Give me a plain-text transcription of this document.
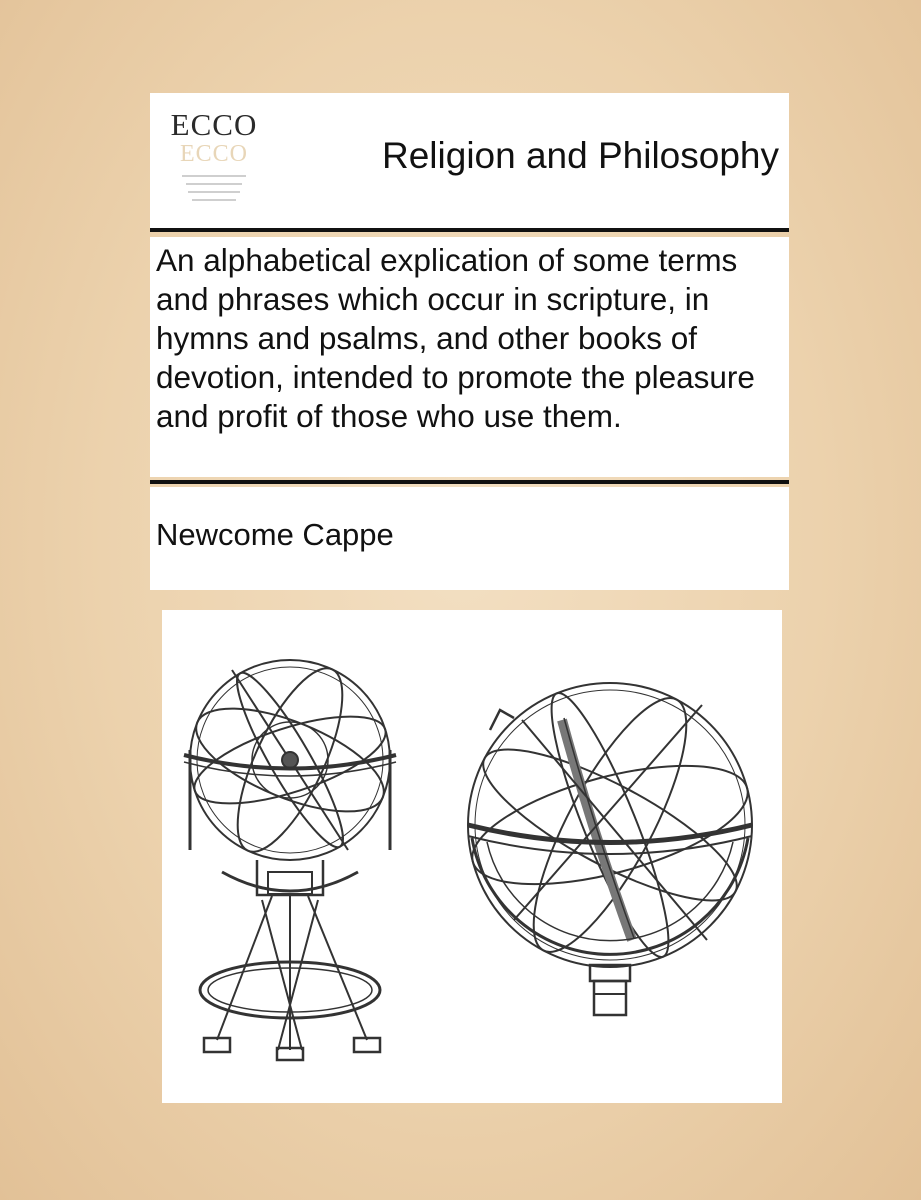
ECCO
ECCO	Religion and Philosophy
An alphabetical explication of some terms and phrases which occur in scripture, in hymns and psalms, and other books of devotion, intended to promote the pleasure and profit of those who use them.
Newcome Cappe
